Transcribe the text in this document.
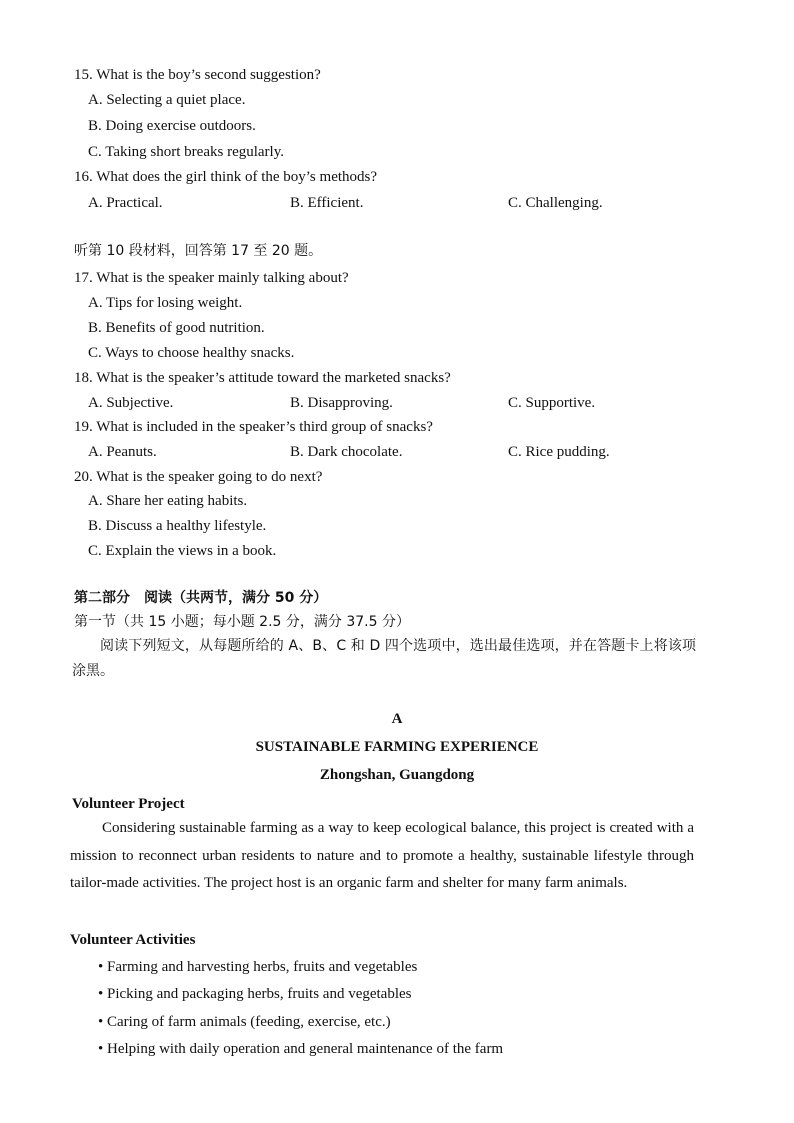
15. What is the boy’s second suggestion?
A. Selecting a quiet place.
B. Doing exercise outdoors.
C. Taking short breaks regularly.
16. What does the girl think of the boy’s methods?
A. Practical.	B. Efficient.	C. Challenging.
听第 10 段材料，回答第 17 至 20 题。
17. What is the speaker mainly talking about?
A. Tips for losing weight.
B. Benefits of good nutrition.
C. Ways to choose healthy snacks.
18. What is the speaker’s attitude toward the marketed snacks?
A. Subjective.	B. Disapproving.	C. Supportive.
19. What is included in the speaker’s third group of snacks?
A. Peanuts.	B. Dark chocolate.	C. Rice pudding.
20. What is the speaker going to do next?
A. Share her eating habits.
B. Discuss a healthy lifestyle.
C. Explain the views in a book.
第二部分　阅读（共两节，满分 50 分）
第一节（共 15 小题；每小题 2.5 分，满分 37.5 分）
阅读下列短文，从每题所给的 A、B、C 和 D 四个选项中，选出最佳选项，并在答题卡上将该项涂黑。
A
SUSTAINABLE FARMING EXPERIENCE
Zhongshan, Guangdong
Volunteer Project
Considering sustainable farming as a way to keep ecological balance, this project is created with a mission to reconnect urban residents to nature and to promote a healthy, sustainable lifestyle through tailor-made activities. The project host is an organic farm and shelter for many farm animals.
Volunteer Activities
• Farming and harvesting herbs, fruits and vegetables
• Picking and packaging herbs, fruits and vegetables
• Caring of farm animals (feeding, exercise, etc.)
• Helping with daily operation and general maintenance of the farm
